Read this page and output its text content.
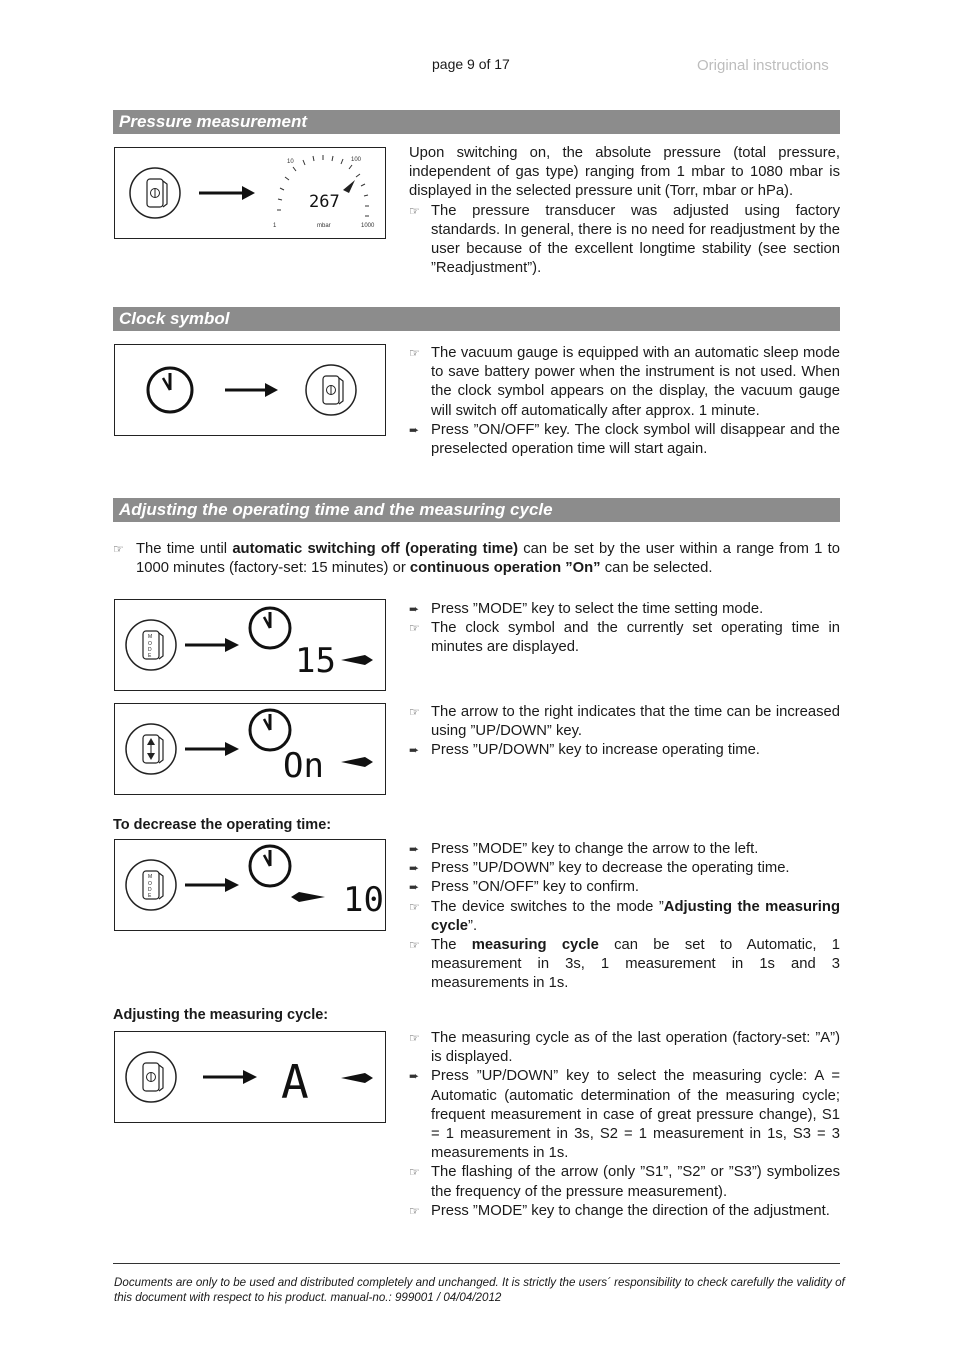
page 9 of 17	Original instructions
Pressure measurement
10	100
1	1000
mbar
267
Upon switching on, the absolute pressure (total pressure, independent of gas type) ranging from 1 mbar to 1080 mbar is displayed in the selected pressure unit (Torr, mbar or hPa).
☞ The pressure transducer was adjusted using factory standards. In general, there is no need for readjustment by the user because of the excellent longtime stability (see section ”Readjustment”).
Clock symbol
☞ The vacuum gauge is equipped with an automatic sleep mode to save battery power when the instrument is not used. When the clock symbol appears on the display, the vacuum gauge will switch off automatically after approx. 1 minute.
➨ Press ”ON/OFF” key. The clock symbol will disappear and the preselected operation time will start again.
Adjusting the operating time and the measuring cycle
☞ The time until automatic switching off (operating time) can be set by the user within a range from 1 to 1000 minutes (factory-set: 15 minutes) or continuous operation ”On” can be selected.
M
O
D
E	15
➨ Press ”MODE” key to select the time setting mode.
☞ The clock symbol and the currently set operating time in minutes are displayed.
On
☞ The arrow to the right indicates that the time can be increased using ”UP/DOWN” key.
➨ Press ”UP/DOWN” key to increase operating time.
To decrease the operating time:
M
O
D
E	10
➨ Press ”MODE” key to change the arrow to the left.
➨ Press ”UP/DOWN” key to decrease the operating time.
➨ Press ”ON/OFF” key to confirm.
☞ The device switches to the mode ”Adjusting the measuring cycle”.
☞ The measuring cycle can be set to Automatic, 1 measurement in 3s, 1 measurement in 1s and 3 measurements in 1s.
Adjusting the measuring cycle:
A
☞ The measuring cycle as of the last operation (factory-set: ”A”) is displayed.
➨ Press ”UP/DOWN” key to select the measuring cycle: A = Automatic (automatic determination of the measuring cycle; frequent measurement in case of great pressure change), S1 = 1 measurement in 3s, S2 = 1 measurement in 1s, S3 = 3 measurements in 1s.
☞ The flashing of the arrow (only ”S1”, ”S2” or ”S3”) symbolizes the frequency of the pressure measurement).
☞ Press ”MODE” key to change the direction of the adjustment.
Documents are only to be used and distributed completely and unchanged. It is strictly the users´ responsibility to check carefully the validity of this document with respect to his product. manual-no.: 999001 / 04/04/2012
